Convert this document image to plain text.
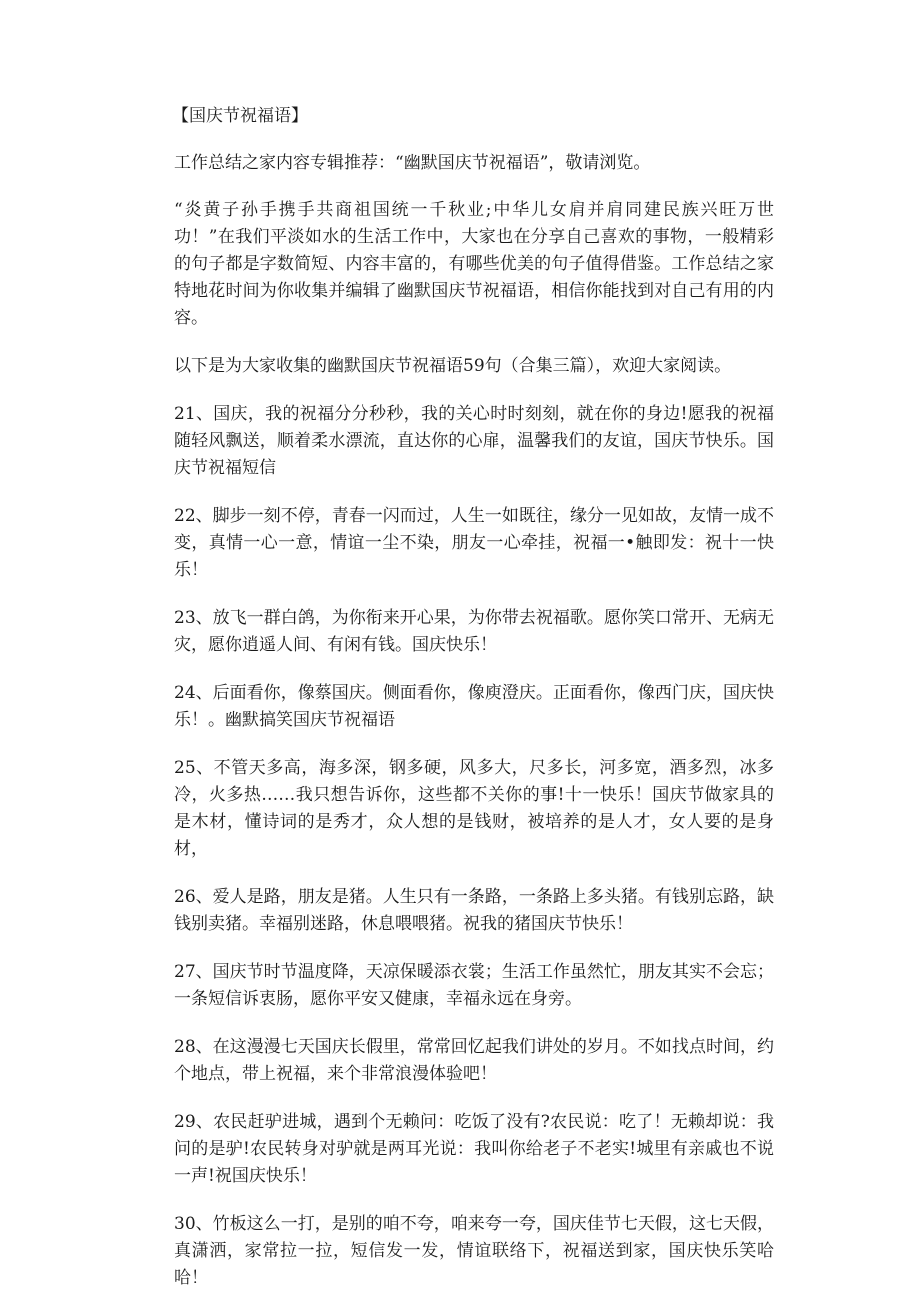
【国庆节祝福语】

工作总结之家内容专辑推荐：“幽默国庆节祝福语”，敬请浏览。

“炎黄子孙手携手共商祖国统一千秋业;中华儿女肩并肩同建民族兴旺万世功！”在我们平淡如水的生活工作中，大家也在分享自己喜欢的事物，一般精彩的句子都是字数简短、内容丰富的，有哪些优美的句子值得借鉴。工作总结之家特地花时间为你收集并编辑了幽默国庆节祝福语，相信你能找到对自己有用的内容。

以下是为大家收集的幽默国庆节祝福语59句（合集三篇），欢迎大家阅读。

21、国庆，我的祝福分分秒秒，我的关心时时刻刻，就在你的身边!愿我的祝福随轻风飘送，顺着柔水漂流，直达你的心扉，温馨我们的友谊，国庆节快乐。国庆节祝福短信

22、脚步一刻不停，青春一闪而过，人生一如既往，缘分一见如故，友情一成不变，真情一心一意，情谊一尘不染，朋友一心牵挂，祝福一•触即发：祝十一快乐！

23、放飞一群白鸽，为你衔来开心果，为你带去祝福歌。愿你笑口常开、无病无灾，愿你逍遥人间、有闲有钱。国庆快乐！

24、后面看你，像蔡国庆。侧面看你，像庾澄庆。正面看你，像西门庆，国庆快乐！。幽默搞笑国庆节祝福语

25、不管天多高，海多深，钢多硬，风多大，尺多长，河多宽，酒多烈，冰多冷，火多热……我只想告诉你，这些都不关你的事!十一快乐！国庆节做家具的是木材，懂诗词的是秀才，众人想的是钱财，被培养的是人才，女人要的是身材，

26、爱人是路，朋友是猪。人生只有一条路，一条路上多头猪。有钱别忘路，缺钱别卖猪。幸福别迷路，休息喂喂猪。祝我的猪国庆节快乐！

27、国庆节时节温度降，天凉保暖添衣裳；生活工作虽然忙，朋友其实不会忘；一条短信诉衷肠，愿你平安又健康，幸福永远在身旁。

28、在这漫漫七天国庆长假里，常常回忆起我们讲处的岁月。不如找点时间，约个地点，带上祝福，来个非常浪漫体验吧！

29、农民赶驴进城，遇到个无赖问：吃饭了没有?农民说：吃了！无赖却说：我问的是驴!农民转身对驴就是两耳光说：我叫你给老子不老实!城里有亲戚也不说一声!祝国庆快乐！

30、竹板这么一打，是别的咱不夸，咱来夸一夸，国庆佳节七天假，这七天假，真潇洒，家常拉一拉，短信发一发，情谊联络下，祝福送到家，国庆快乐笑哈哈！
